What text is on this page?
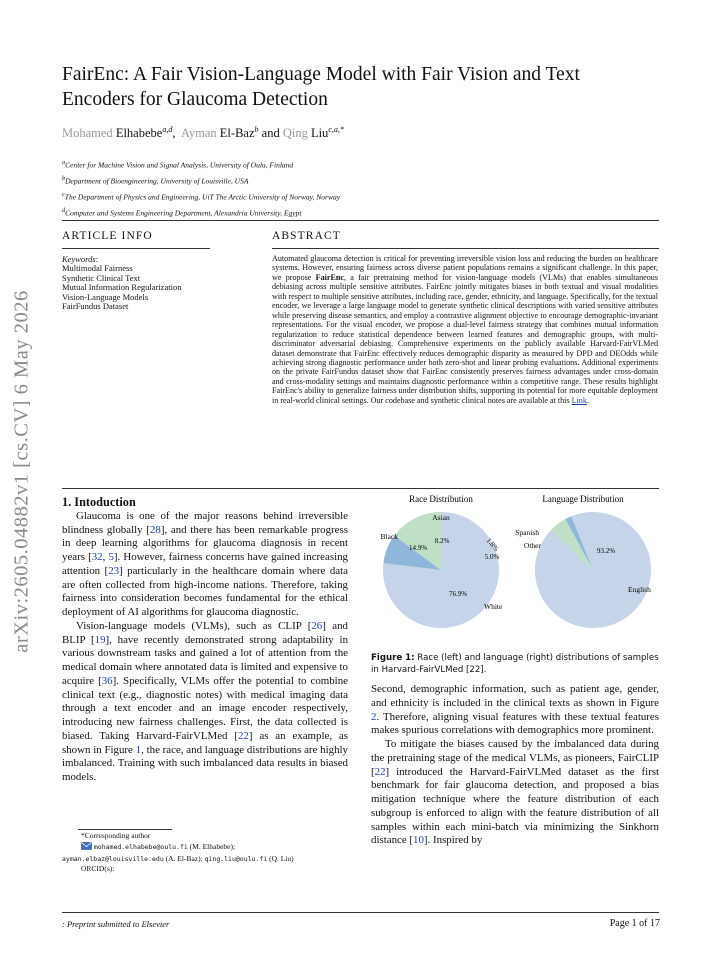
arXiv:2605.04882v1 [cs.CV] 6 May 2026
FairEnc: A Fair Vision-Language Model with Fair Vision and Text
Encoders for Glaucoma Detection
Mohamed Elhabebe$^{a,d}$,  Ayman El-Baz$^b$ and Qing Liu$^{c,a,*}$
$^a$Center for Machine Vision and Signal Analysis, University of Oulu, Finland
$^b$Department of Bioengineering, University of Louisville, USA
$^c$The Department of Physics and Engineering, UiT The Arctic University of Norway, Norway
$^d$Computer and Systems Engineering Department, Alexandria University, Egypt
ARTICLE INFO
Keywords:
Multimodal Fairness
Synthetic Clinical Text
Mutual Information Regularization
Vision-Language Models
FairFundus Dataset
ABSTRACT
Automated glaucoma detection is critical for preventing irreversible vision loss and reducing the burden on healthcare systems. However, ensuring fairness across diverse patient populations remains a significant challenge. In this paper, we propose FairEnc, a fair pretraining method for vision-language models (VLMs) that enables simultaneous debiasing across multiple sensitive attributes. FairEnc jointly mitigates biases in both textual and visual modalities with respect to multiple sensitive attributes, including race, gender, ethnicity, and language. Specifically, for the textual encoder, we leverage a large language model to generate synthetic clinical descriptions with varied sensitive attributes while preserving disease semantics, and employ a contrastive alignment objective to encourage demographic-invariant representations. For the visual encoder, we propose a dual-level fairness strategy that combines mutual information regularization to reduce statistical dependence between learned features and demographic groups, with multi-discriminator adversarial debiasing. Comprehensive experiments on the publicly available Harvard-FairVLMed dataset demonstrate that FairEnc effectively reduces demographic disparity as measured by DPD and DEOdds while achieving strong diagnostic performance under both zero-shot and linear probing evaluations. Additional experiments on the private FairFundus dataset show that FairEnc consistently preserves fairness advantages under cross-domain and cross-modality settings and maintains diagnostic performance within a competitive range. These results highlight FairEnc's ability to generalize fairness under distribution shifts, supporting its potential for more equitable deployment in real-world clinical settings. Our codebase and synthetic clinical notes are available at this Link.

1. Intoduction

Glaucoma is one of the major reasons behind irreversible blindness globally [28], and there has been remarkable progress in deep learning algorithms for glaucoma diagnosis in recent years [32, 5]. However, fairness concerns have gained increasing attention [23] particularly in the healthcare domain where data are often collected from high-income nations. Therefore, taking fairness into consideration becomes fundamental for the ethical deployment of AI algorithms for glaucoma diagnostic.

Vision-language models (VLMs), such as CLIP [26] and BLIP [19], have recently demonstrated strong adaptability in various downstream tasks and gained a lot of attention from the medical domain where annotated data is limited and expensive to acquire [36]. Specifically, VLMs offer the potential to combine clinical text (e.g., diagnostic notes) with medical imaging data through a text encoder and an image encoder respectively, introducing new fairness challenges. First, the data collected is biased. Taking Harvard-FairVLMed [22] as an example, as shown in Figure 1, the race, and language distributions are highly imbalanced. Training with such imbalanced data results in biased models.

*Corresponding author
mohamed.elhabebe@oulu.fi (M. Elhabebe);
ayman.elbaz@louisville.edu (A. El-Baz); qing.liu@oulu.fi (Q. Liu)
ORCID(s):
Race Distribution	Language Distribution
76.9%
White
14.9%
Black	8.2%
Asian
93.2%
English
5.0%
Other
1.8%
Spanish
Figure 1: Race (left) and language (right) distributions of samples in Harvard-FairVLMed [22].

Second, demographic information, such as patient age, gender, and ethnicity is included in the clinical texts as shown in Figure 2. Therefore, aligning visual features with these textual features makes spurious correlations with demographics more prominent.

To mitigate the biases caused by the imbalanced data during the pretraining stage of the medical VLMs, as pioneers, FairCLIP [22] introduced the Harvard-FairVLMed dataset as the first benchmark for fair glaucoma detection, and proposed a bias mitigation technique where the feature distribution of each subgroup is enforced to align with the feature distribution of all samples within each mini-batch via minimizing the Sinkhorn distance [10]. Inspired by

: Preprint submitted to Elsevier	Page 1 of 17
